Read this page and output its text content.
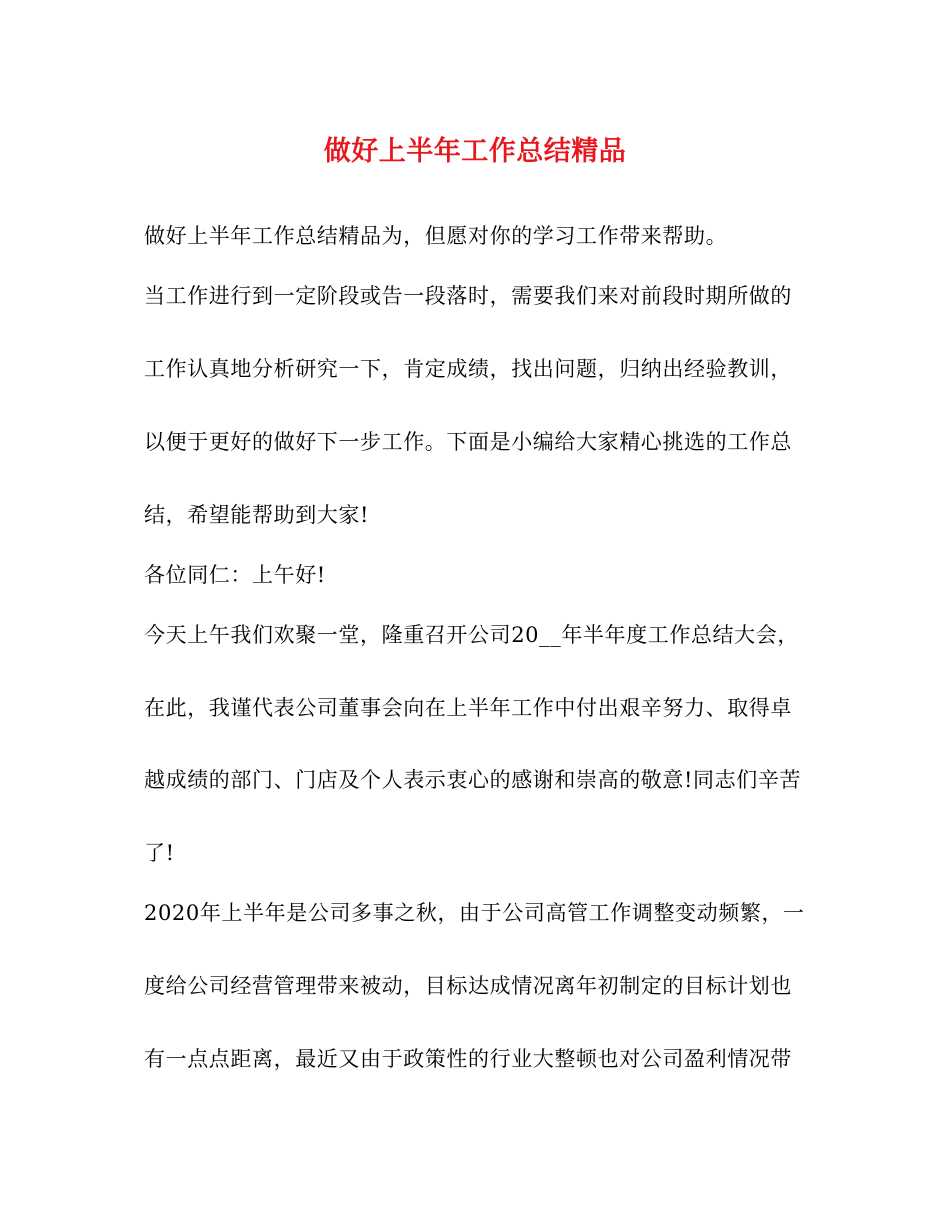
做好上半年工作总结精品
做好上半年工作总结精品为，但愿对你的学习工作带来帮助。
当工作进行到一定阶段或告一段落时，需要我们来对前段时期所做的
工作认真地分析研究一下，肯定成绩，找出问题，归纳出经验教训，
以便于更好的做好下一步工作。下面是小编给大家精心挑选的工作总
结，希望能帮助到大家!
各位同仁：上午好!
今天上午我们欢聚一堂，隆重召开公司20__年半年度工作总结大会，
在此，我谨代表公司董事会向在上半年工作中付出艰辛努力、取得卓
越成绩的部门、门店及个人表示衷心的感谢和崇高的敬意!同志们辛苦
了!
2020年上半年是公司多事之秋，由于公司高管工作调整变动频繁，一
度给公司经营管理带来被动，目标达成情况离年初制定的目标计划也
有一点点距离，最近又由于政策性的行业大整顿也对公司盈利情况带
